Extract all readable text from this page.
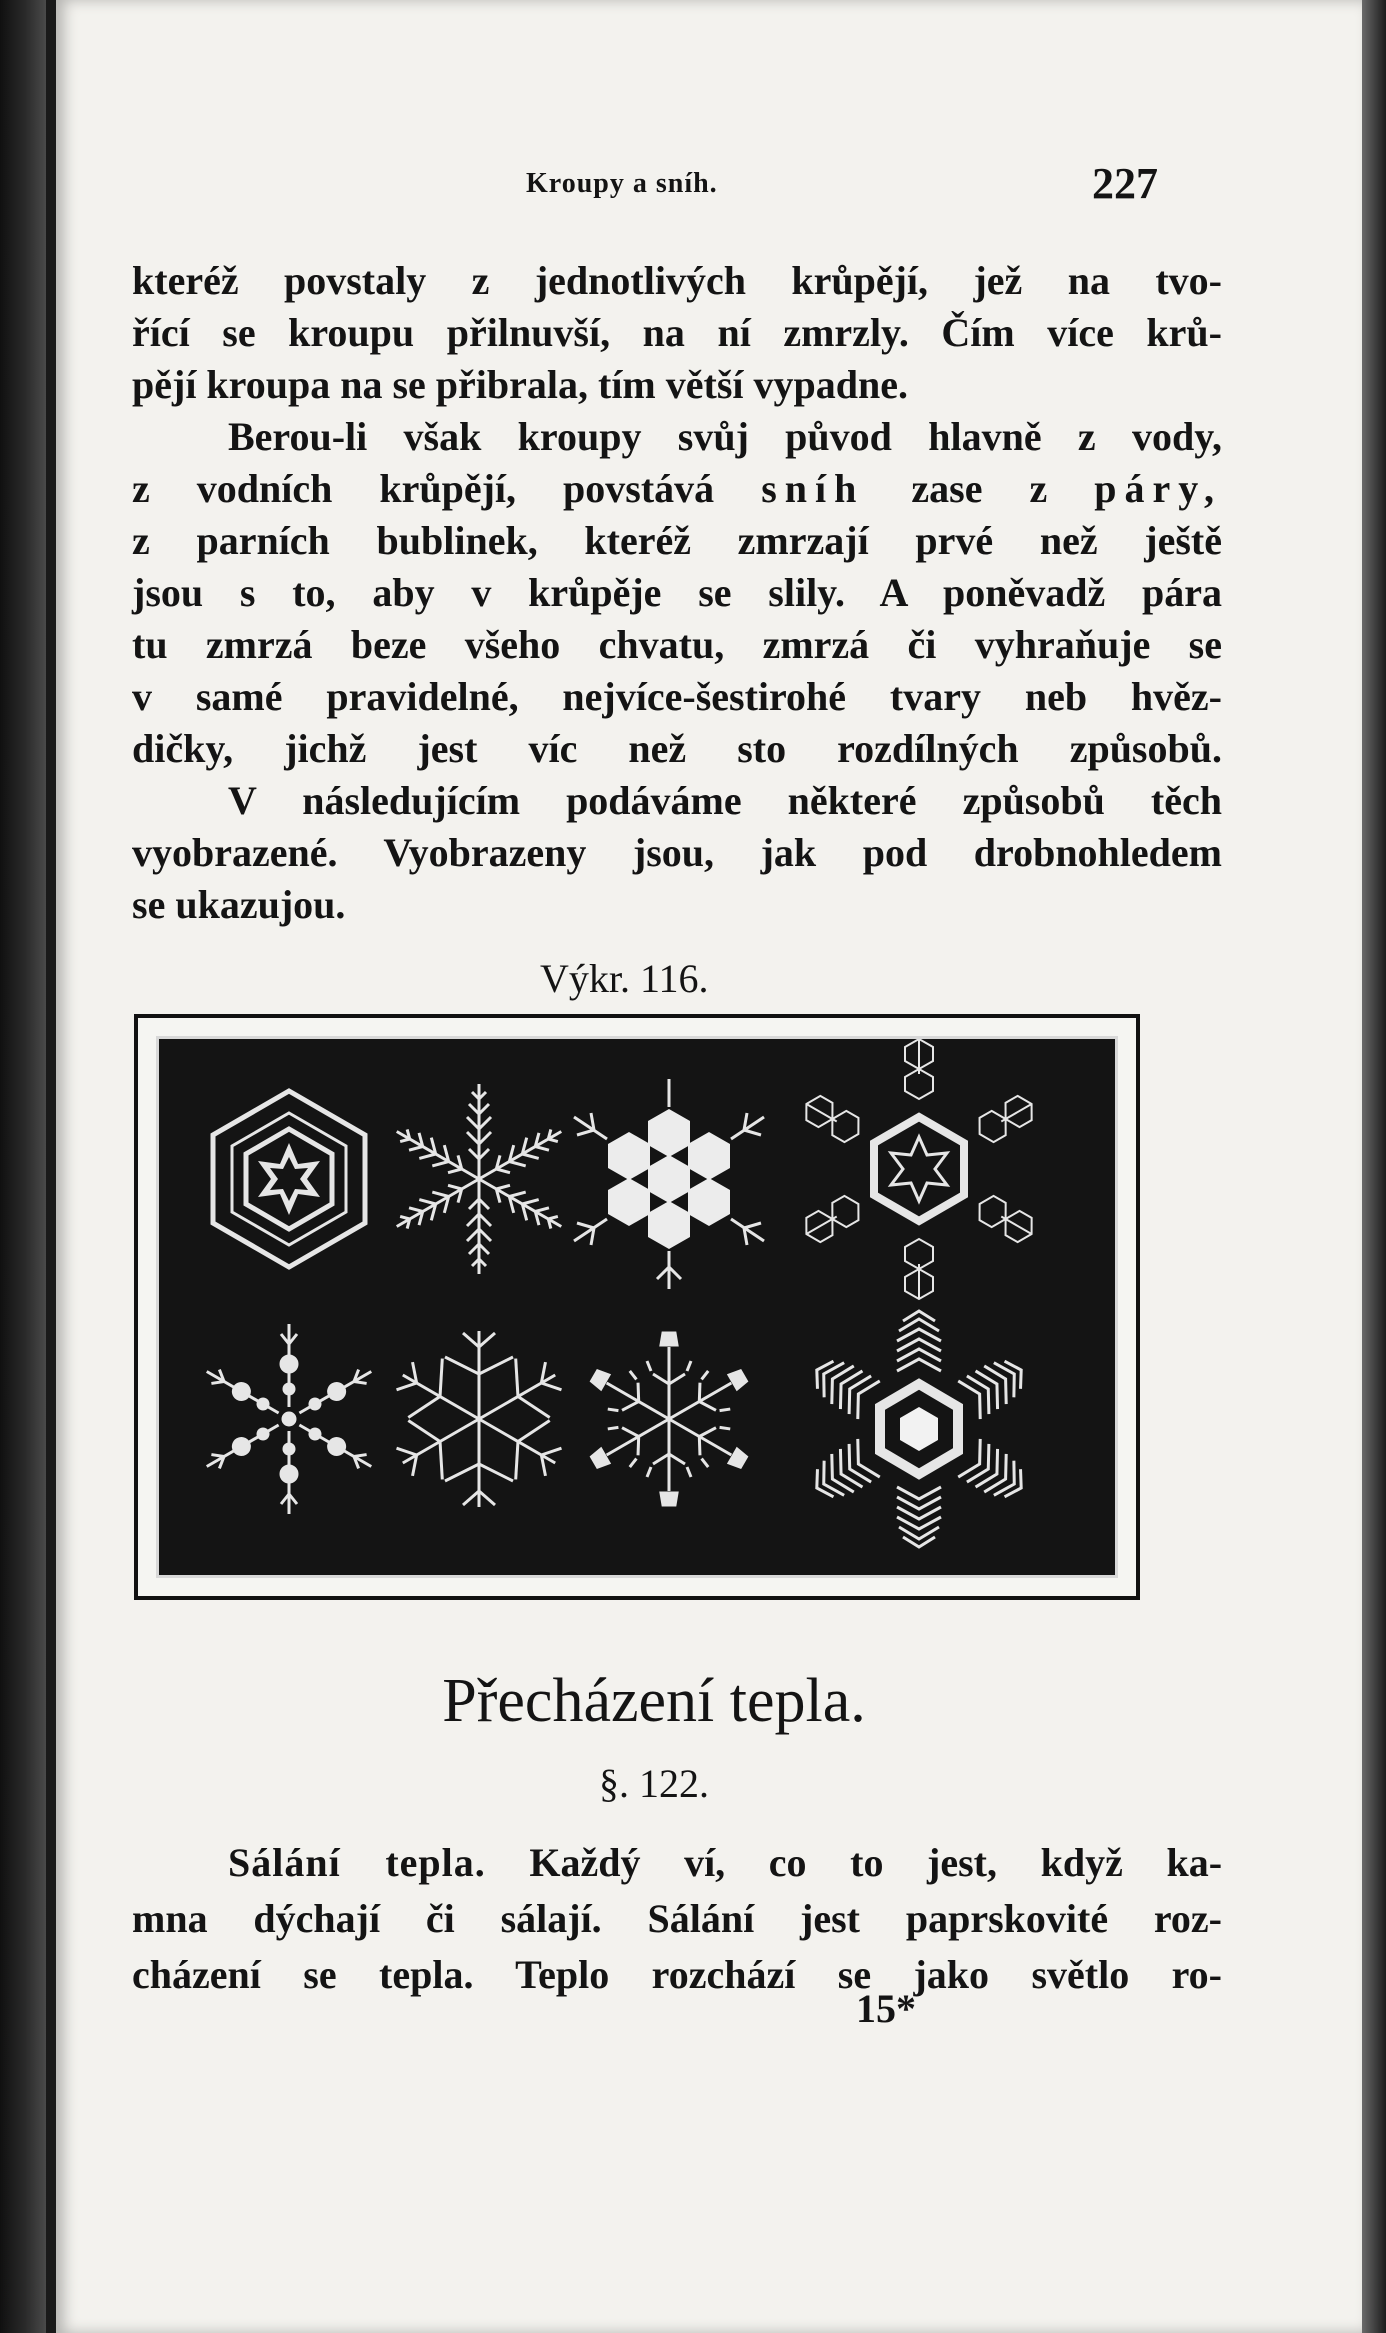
Kroupy a sníh.	227
kteréž povstaly z jednotlivých krůpějí, jež na tvo-
řící se kroupu přilnuvší, na ní zmrzly. Čím více krů-
pějí kroupa na se přibrala, tím větší vypadne.
Berou-li však kroupy svůj původ hlavně z vody,
z vodních krůpějí, povstává sníh zase z páry,
z parních bublinek, kteréž zmrzají prvé než ještě
jsou s to, aby v krůpěje se slily. A poněvadž pára
tu zmrzá beze všeho chvatu, zmrzá či vyhraňuje se
v samé pravidelné, nejvíce-šestirohé tvary neb hvěz-
dičky, jichž jest víc než sto rozdílných způsobů.
V následujícím podáváme některé způsobů těch
vyobrazené. Vyobrazeny jsou, jak pod drobnohledem
se ukazujou.
Výkr. 116.
Přecházení tepla.
§. 122.
Sálání tepla. Každý ví, co to jest, když ka-
mna dýchají či sálají. Sálání jest paprskovité roz-
cházení se tepla. Teplo rozchází se jako světlo ro-
15*
